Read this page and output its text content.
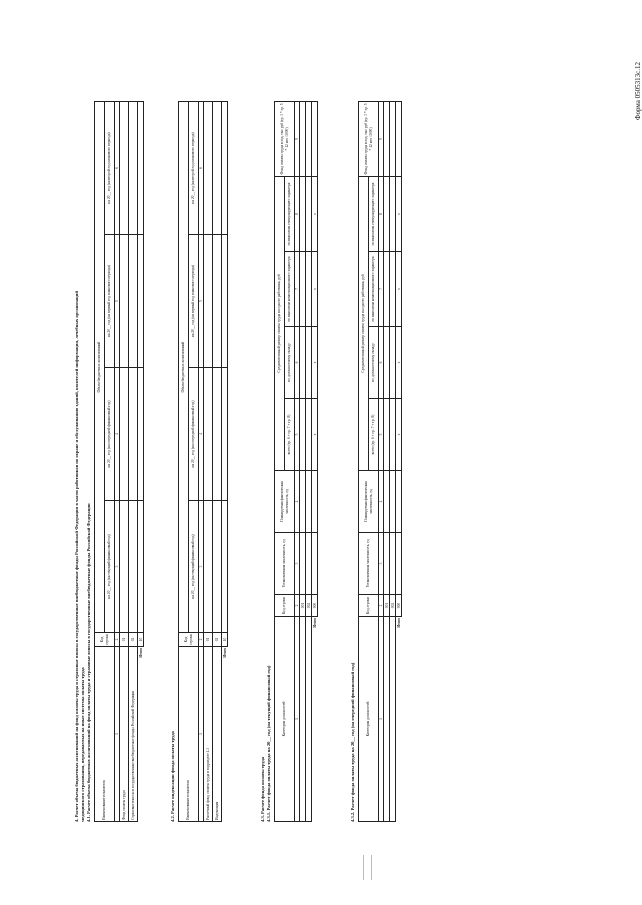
Форма 0505313с.12
4. Расчет объема бюджетных ассигнований на фонд оплаты труда и страховые взносы в государственные внебюджетные фонды Российской Федерации в части работников по охране и обслуживанию зданий, носителей информации, лечебных организаций медицинского страхования, передаваемых на иные системы оплаты труда 4.1. Расчет объема бюджетных ассигнований на фонд оплаты труда и страховые взносы в государственные внебюджетные фонды Российской Федерации	Наименование показателя	Код строки	Объем бюджетных ассигнований			
		на 20__ год (на текущий финансовый год)	на 20__ год (на очередной финансовый год)	на 20__ год (на первый год планового периода)	на 20__ год (на второй год планового периода)
1	2	3	4	5	6
Фонд оплаты труда	01				
Страховые взносы в государственные внебюджетные фонды Российской Федерации	02				
Итого	10				
4.2. Расчет индексации фонда оплаты труда	Наименование показателя	Код строки	Объем бюджетных ассигнований			
		на 20__ год (на текущий финансовый год)	на 20__ год (на очередной финансовый год)	на 20__ год (на первый год планового периода)	на 20__ год (на второй год планового периода)
1	2	3	4	5	6
Расчетный фонд оплаты труда в подразделе 4.3	01				
Индексация	02				
Итого	10				
4.3. Расчет фонда оплаты труда 4.3.1. Расчет фонда оплаты труда на 20__ год (на текущий финансовый год)	Категория должностей	Код строки	Установленная численность, ед	Планируемая фактическая численность, ед	Среднемесячный размер оплаты труда на одного работника, руб				Фонд оплаты труда в год, тыс руб (гр. 3 * гр. 5 * 12 мес /1000)
				всего (гр. 6 + гр. 7 + гр. 8)	по должностному окладу	по выплатам компенсационного характера	по выплатам стимулирующего характера	
1	2	3	4	5	6	7	8	9
	001							
	002							
Итого	900			x	x	x	x	
4.3.2. Расчет фонда оплаты труда на 20__ год (на очередной финансовый год)	Категория должностей	Код строки	Установленная численность, ед	Планируемая фактическая численность, ед	Среднемесячный размер оплаты труда на одного работника, руб				Фонд оплаты труда в год, тыс руб (гр. 3 * гр. 5 * 12 мес /1000)
				всего (гр. 6 + гр. 7 + гр. 8)	по должностному окладу	по выплатам компенсационного характера	по выплатам стимулирующего характера	
1	2	3	4	5	6	7	8	9
	001							
	002							
Итого	900			x	x	x	x	
